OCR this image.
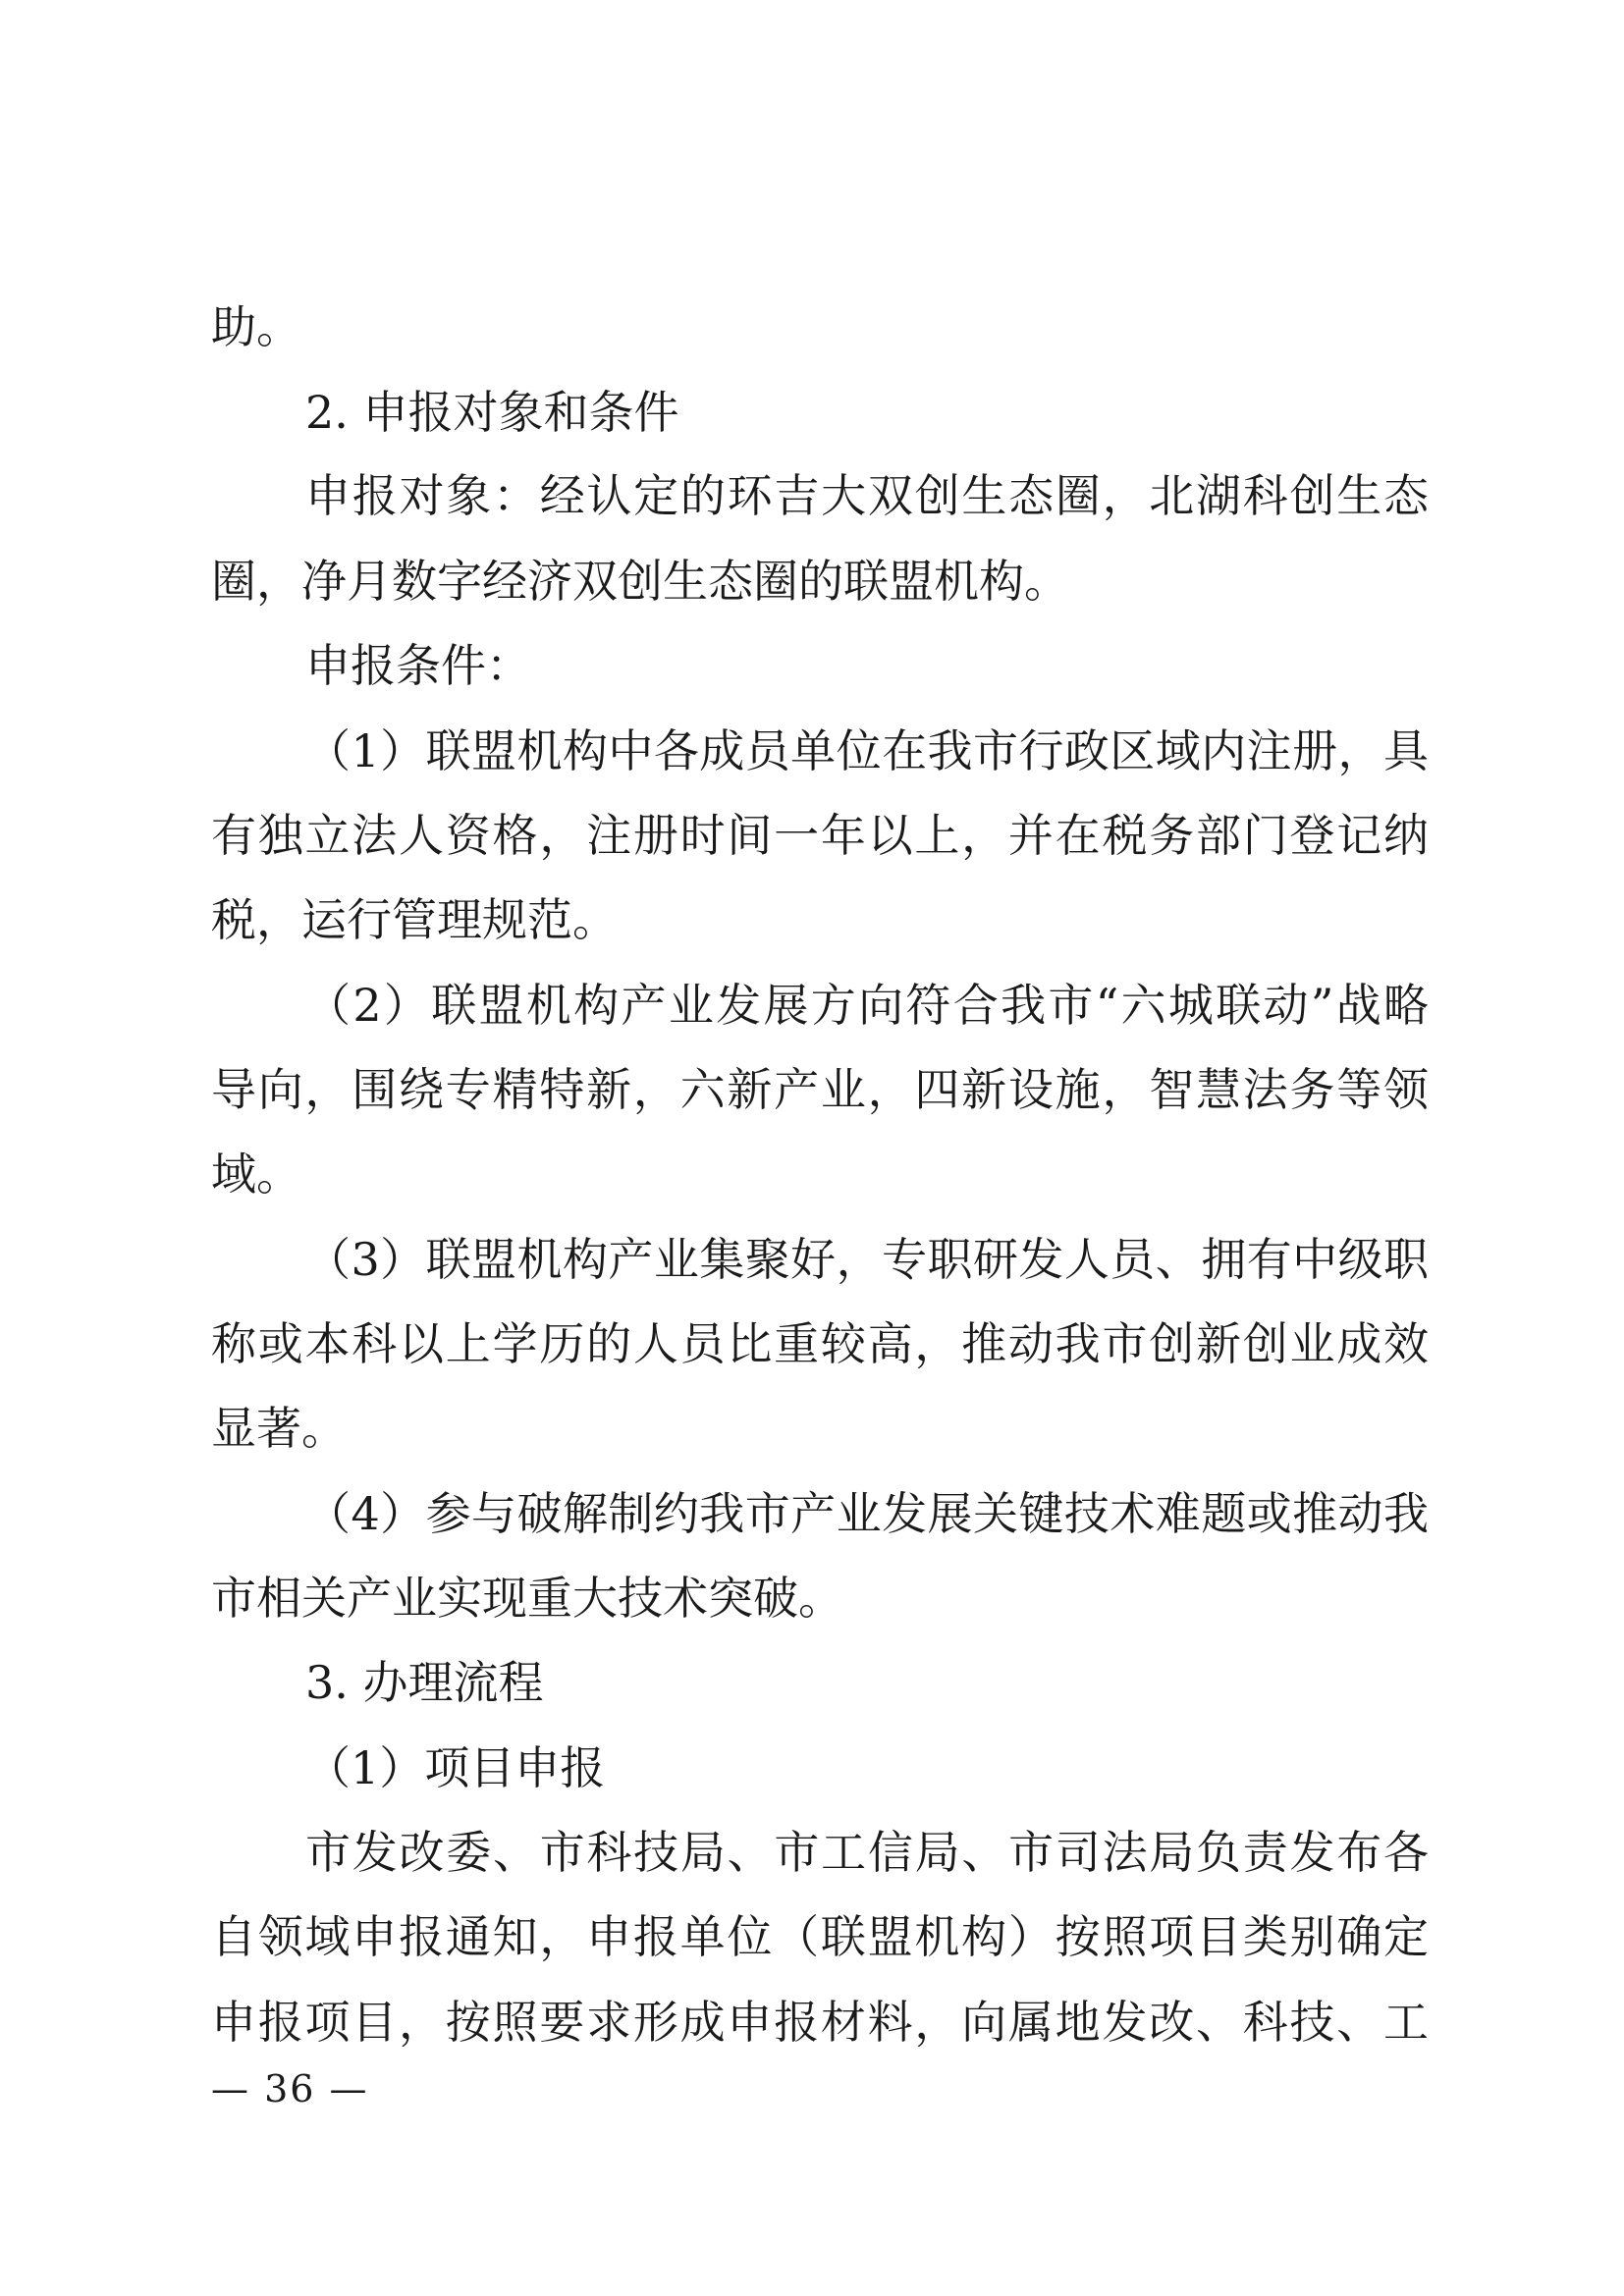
助。
2. 申报对象和条件
申报对象：经认定的环吉大双创生态圈，北湖科创生态
圈，净月数字经济双创生态圈的联盟机构。
申报条件：
（1）联盟机构中各成员单位在我市行政区域内注册，具
有独立法人资格，注册时间一年以上，并在税务部门登记纳
税，运行管理规范。
（2）联盟机构产业发展方向符合我市“六城联动”战略
导向，围绕专精特新，六新产业，四新设施，智慧法务等领
域。
（3）联盟机构产业集聚好，专职研发人员、拥有中级职
称或本科以上学历的人员比重较高，推动我市创新创业成效
显著。
（4）参与破解制约我市产业发展关键技术难题或推动我
市相关产业实现重大技术突破。
3. 办理流程
（1）项目申报
市发改委、市科技局、市工信局、市司法局负责发布各
自领域申报通知，申报单位（联盟机构）按照项目类别确定
申报项目，按照要求形成申报材料，向属地发改、科技、工
— 36 —
